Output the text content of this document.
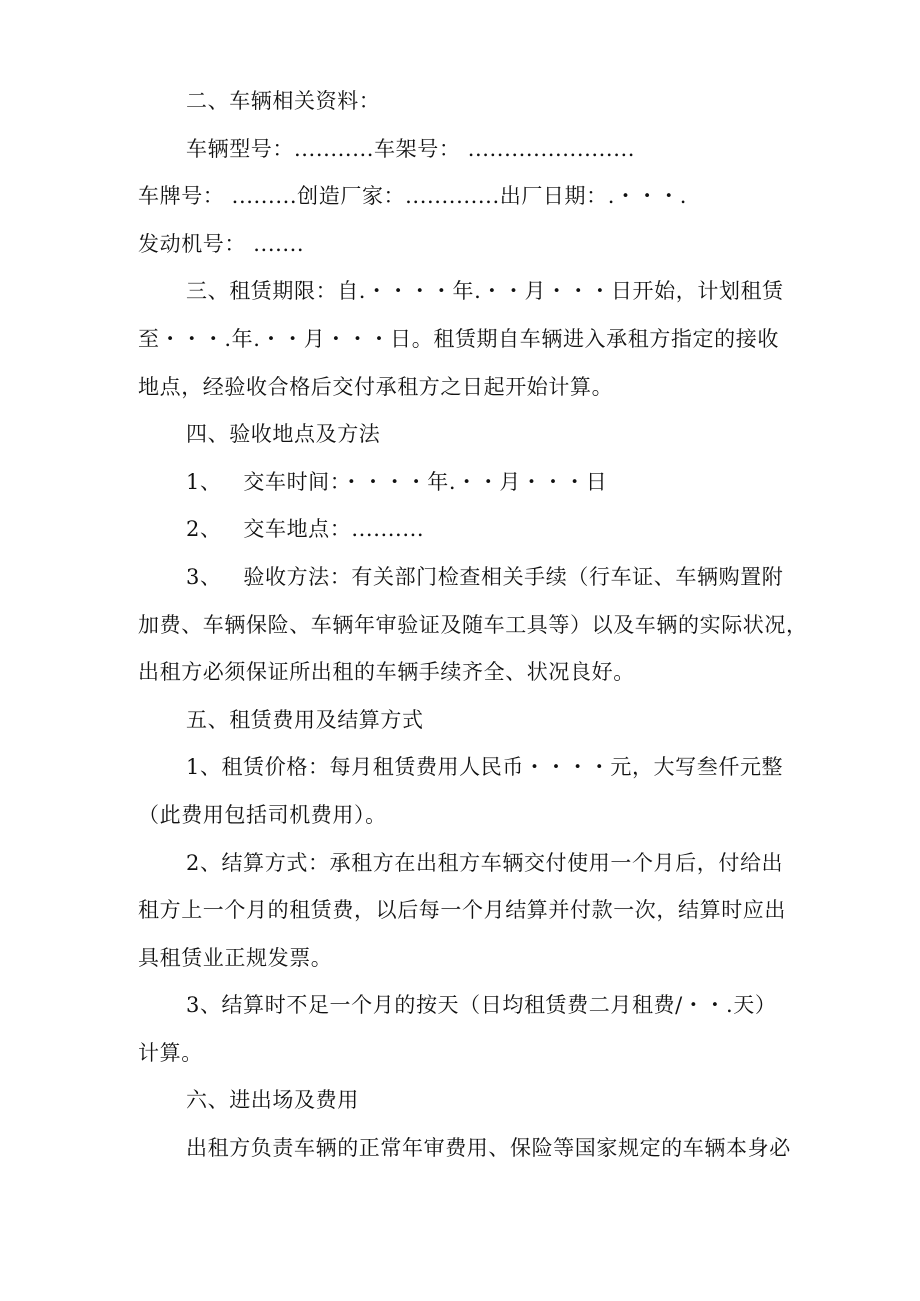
二、车辆相关资料：

车辆型号：...........车架号： .......................

车牌号： .........创造厂家：.............出厂日期：.・・・.

发动机号： .......

三、租赁期限：自.・・・・年.・・月・・・日开始，计划租赁

至・・・.年.・・月・・・日。租赁期自车辆进入承租方指定的接收

地点，经验收合格后交付承租方之日起开始计算。

四、验收地点及方法

1、   交车时间：・・・・年.・・月・・・日

2、   交车地点：..........

3、   验收方法：有关部门检查相关手续（行车证、车辆购置附

加费、车辆保险、车辆年审验证及随车工具等）以及车辆的实际状况，

出租方必须保证所出租的车辆手续齐全、状况良好。

五、租赁费用及结算方式

1、租赁价格：每月租赁费用人民币・・・・元，大写叁仟元整

（此费用包括司机费用）。

2、结算方式：承租方在出租方车辆交付使用一个月后，付给出

租方上一个月的租赁费，以后每一个月结算并付款一次，结算时应出

具租赁业正规发票。

3、结算时不足一个月的按天（日均租赁费二月租费/・・.天）

计算。

六、进出场及费用

出租方负责车辆的正常年审费用、保险等国家规定的车辆本身必
